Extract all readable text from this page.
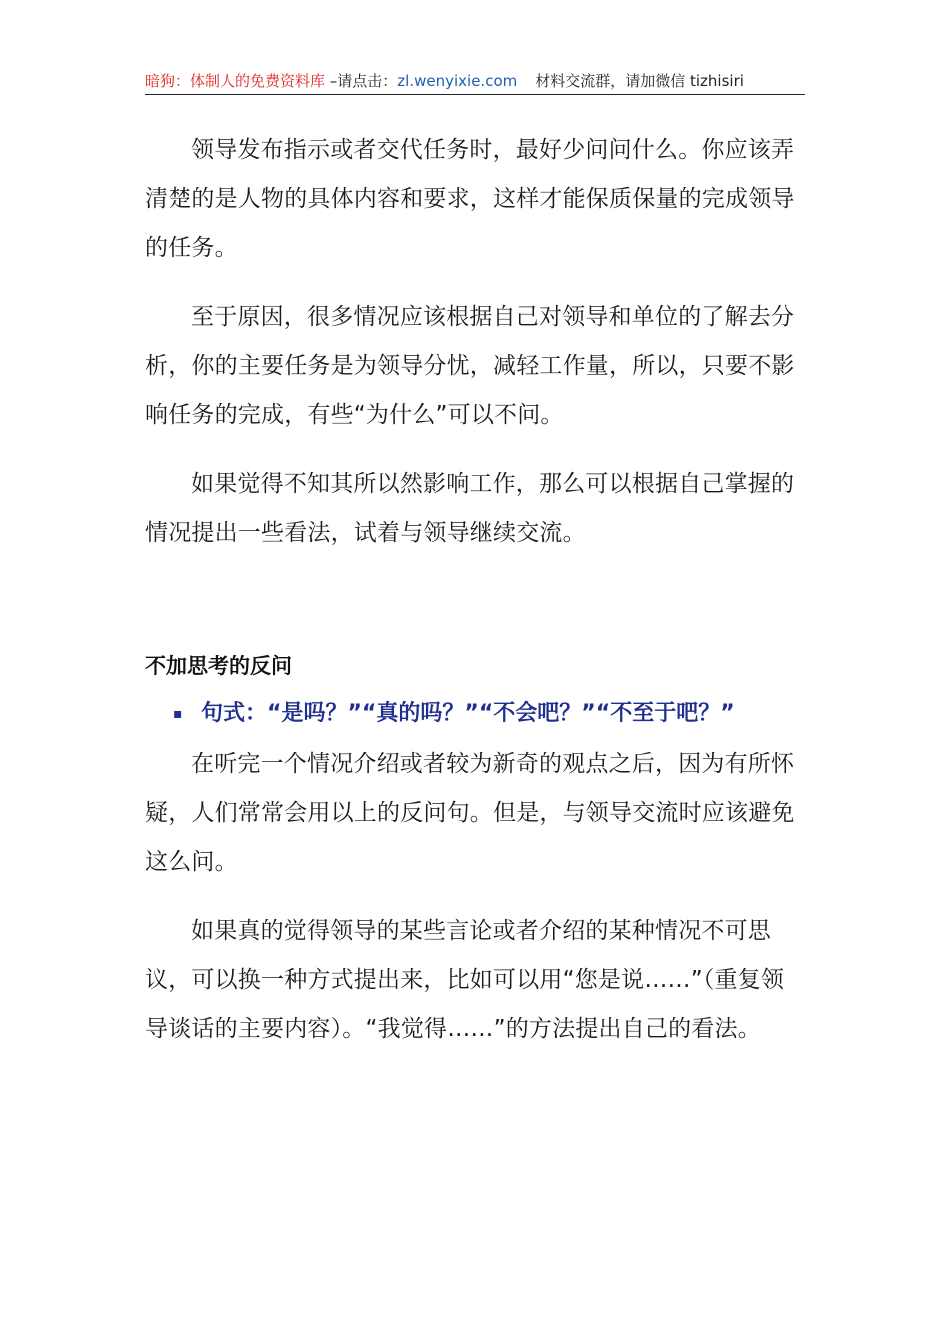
暗狗：体制人的免费资料库 –请点击：zl.wenyixie.com 材料交流群，请加微信 tizhisiri

领导发布指示或者交代任务时，最好少问问什么。你应该弄清楚的是人物的具体内容和要求，这样才能保质保量的完成领导的任务。

至于原因，很多情况应该根据自己对领导和单位的了解去分析，你的主要任务是为领导分忧，减轻工作量，所以，只要不影响任务的完成，有些“为什么”可以不问。

如果觉得不知其所以然影响工作，那么可以根据自己掌握的情况提出一些看法，试着与领导继续交流。

不加思考的反问
▪ 句式：“是吗？”“真的吗？”“不会吧？”“不至于吧？”

在听完一个情况介绍或者较为新奇的观点之后，因为有所怀疑，人们常常会用以上的反问句。但是，与领导交流时应该避免这么问。

如果真的觉得领导的某些言论或者介绍的某种情况不可思议，可以换一种方式提出来，比如可以用“您是说……”（重复领导谈话的主要内容）。“我觉得……”的方法提出自己的看法。
